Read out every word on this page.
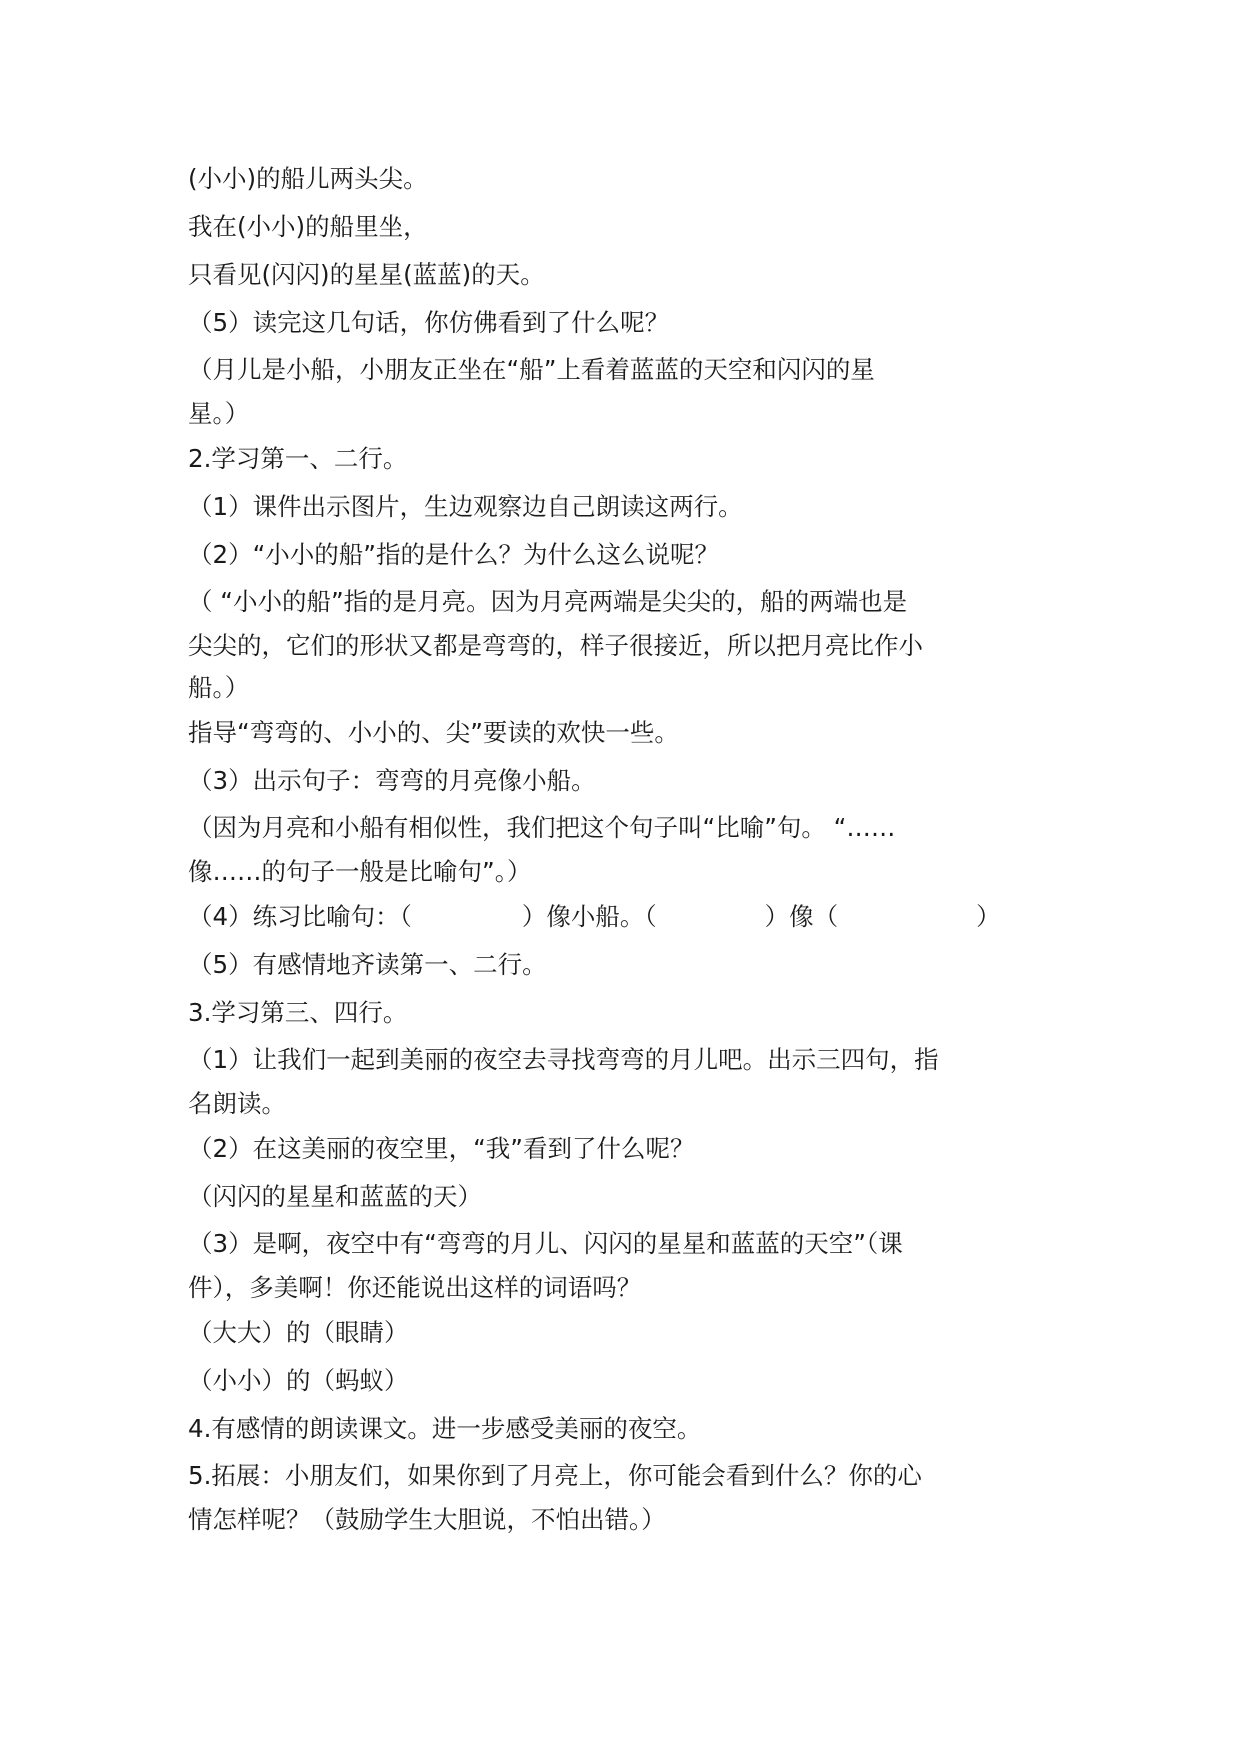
(小小)的船儿两头尖。
我在(小小)的船里坐，
只看见(闪闪)的星星(蓝蓝)的天。
（5）读完这几句话，你仿佛看到了什么呢？
（月儿是小船，小朋友正坐在“船”上看着蓝蓝的天空和闪闪的星
星。）
2.学习第一、二行。
（1）课件出示图片，生边观察边自己朗读这两行。
（2）“小小的船”指的是什么？为什么这么说呢？
（ “小小的船”指的是月亮。因为月亮两端是尖尖的，船的两端也是
尖尖的，它们的形状又都是弯弯的，样子很接近，所以把月亮比作小
船。）
指导“弯弯的、小小的、尖”要读的欢快一些。
（3）出示句子：弯弯的月亮像小船。
（因为月亮和小船有相似性，我们把这个句子叫“比喻”句。 “……
像……的句子一般是比喻句”。）
（4）练习比喻句：（	）像小船。（	）像（	）
（5）有感情地齐读第一、二行。
3.学习第三、四行。
（1）让我们一起到美丽的夜空去寻找弯弯的月儿吧。出示三四句，指
名朗读。
（2）在这美丽的夜空里，“我”看到了什么呢？
（闪闪的星星和蓝蓝的天）
（3）是啊，夜空中有“弯弯的月儿、闪闪的星星和蓝蓝的天空”（课
件），多美啊！你还能说出这样的词语吗？
（大大）的（眼睛）
（小小）的（蚂蚁）
4.有感情的朗读课文。进一步感受美丽的夜空。
5.拓展：小朋友们，如果你到了月亮上，你可能会看到什么？你的心
情怎样呢？（鼓励学生大胆说，不怕出错。）
